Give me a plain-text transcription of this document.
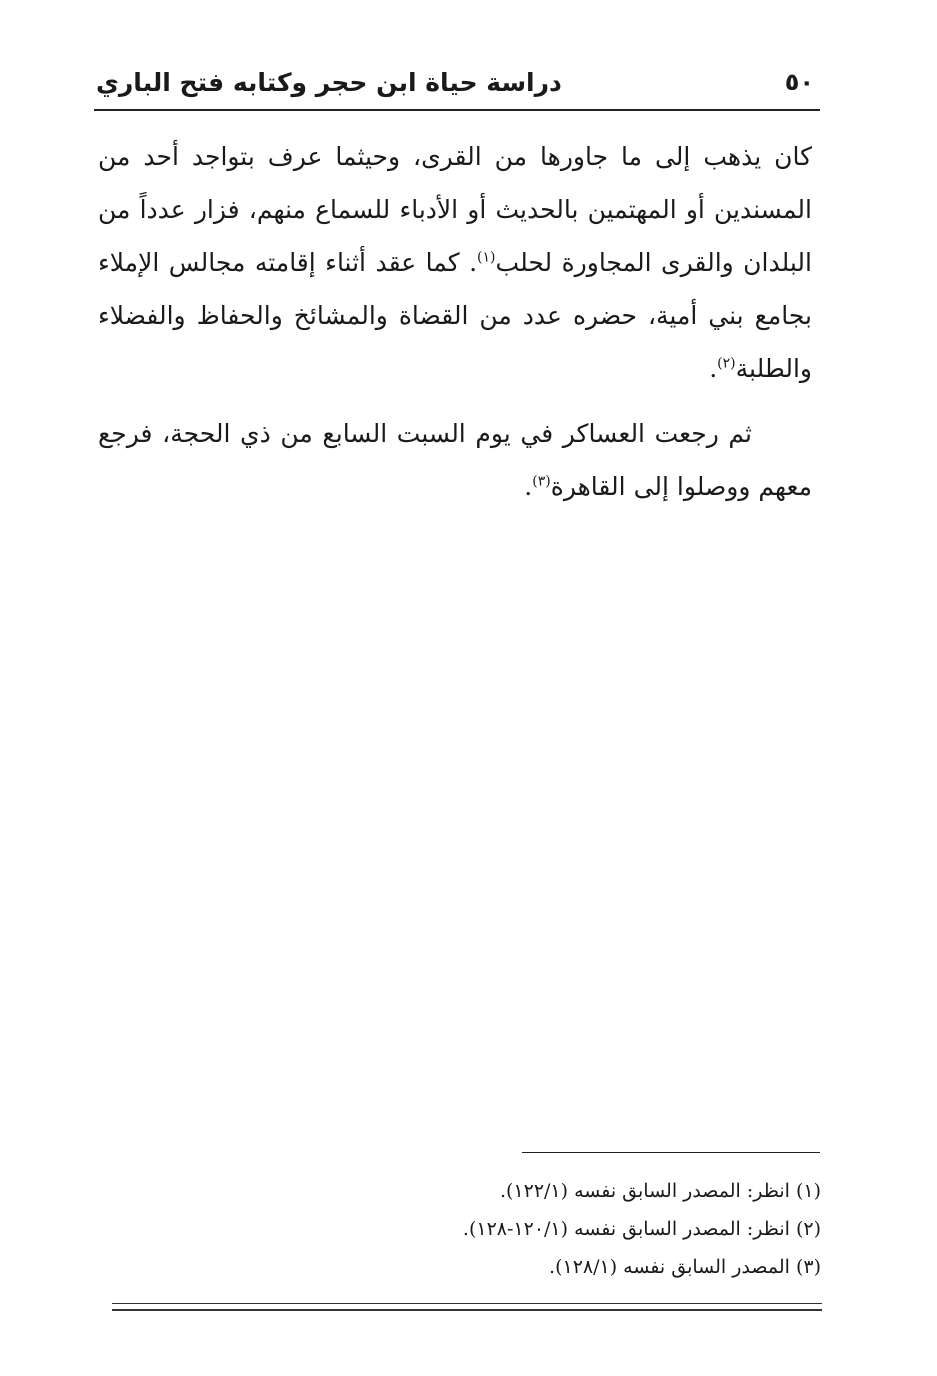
٥٠
دراسة حياة ابن حجر وكتابه فتح الباري

كان يذهب إلى ما جاورها من القرى، وحيثما عرف بتواجد أحد من المسندين أو المهتمين بالحديث أو الأدباء للسماع منهم، فزار عدداً من البلدان والقرى المجاورة لحلب$^{(١)}$. كما عقد أثناء إقامته مجالس الإملاء بجامع بني أمية، حضره عدد من القضاة والمشائخ والحفاظ والفضلاء والطلبة$^{(٢)}$.

ثم رجعت العساكر في يوم السبت السابع من ذي الحجة، فرجع معهم ووصلوا إلى القاهرة$^{(٣)}$.

(١) انظر: المصدر السابق نفسه (١٢٢/١).
(٢) انظر: المصدر السابق نفسه (١٢٠/١-١٢٨).
(٣) المصدر السابق نفسه (١٢٨/١).
